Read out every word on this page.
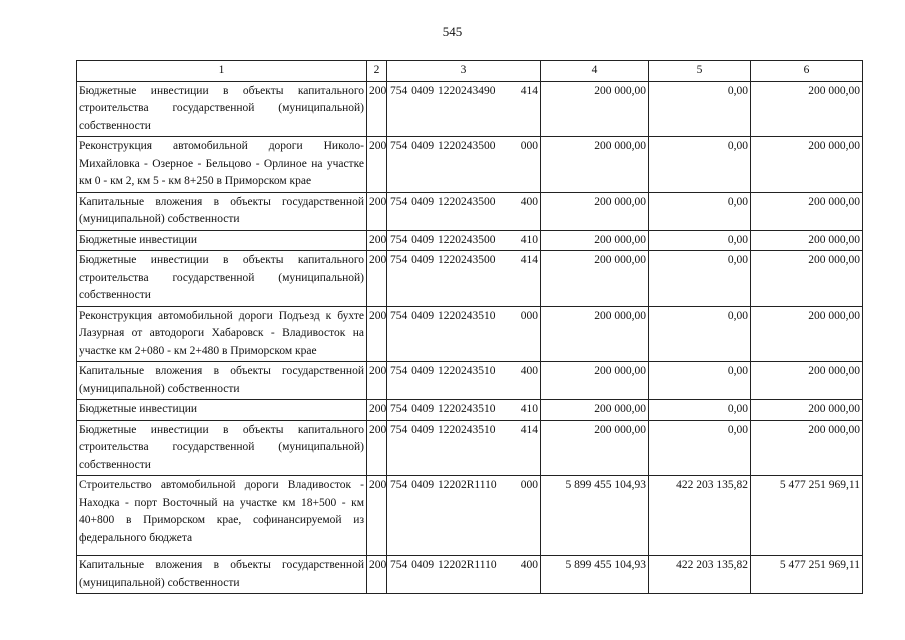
545
1	2	3	4	5	6
Бюджетные инвестиции в объекты капитального строительства государственной (муниципальной) собственности	200	754 0409 1220243490 414	200 000,00	0,00	200 000,00
Реконструкция автомобильной дороги Николо-Михайловка - Озерное - Бельцово - Орлиное на участке км 0 - км 2, км 5 - км 8+250 в Приморском крае	200	754 0409 1220243500 000	200 000,00	0,00	200 000,00
Капитальные вложения в объекты государственной (муниципальной) собственности	200	754 0409 1220243500 400	200 000,00	0,00	200 000,00
Бюджетные инвестиции	200	754 0409 1220243500 410	200 000,00	0,00	200 000,00
Бюджетные инвестиции в объекты капитального строительства государственной (муниципальной) собственности	200	754 0409 1220243500 414	200 000,00	0,00	200 000,00
Реконструкция автомобильной дороги Подъезд к бухте Лазурная от автодороги Хабаровск - Владивосток на участке км 2+080 - км 2+480 в Приморском крае	200	754 0409 1220243510 000	200 000,00	0,00	200 000,00
Капитальные вложения в объекты государственной (муниципальной) собственности	200	754 0409 1220243510 400	200 000,00	0,00	200 000,00
Бюджетные инвестиции	200	754 0409 1220243510 410	200 000,00	0,00	200 000,00
Бюджетные инвестиции в объекты капитального строительства государственной (муниципальной) собственности	200	754 0409 1220243510 414	200 000,00	0,00	200 000,00
Строительство автомобильной дороги Владивосток - Находка - порт Восточный на участке км 18+500 - км 40+800 в Приморском крае, софинансируемой из федерального бюджета	200	754 0409 12202R1110 000	5 899 455 104,93	422 203 135,82	5 477 251 969,11
Капитальные вложения в объекты государственной (муниципальной) собственности	200	754 0409 12202R1110 400	5 899 455 104,93	422 203 135,82	5 477 251 969,11
